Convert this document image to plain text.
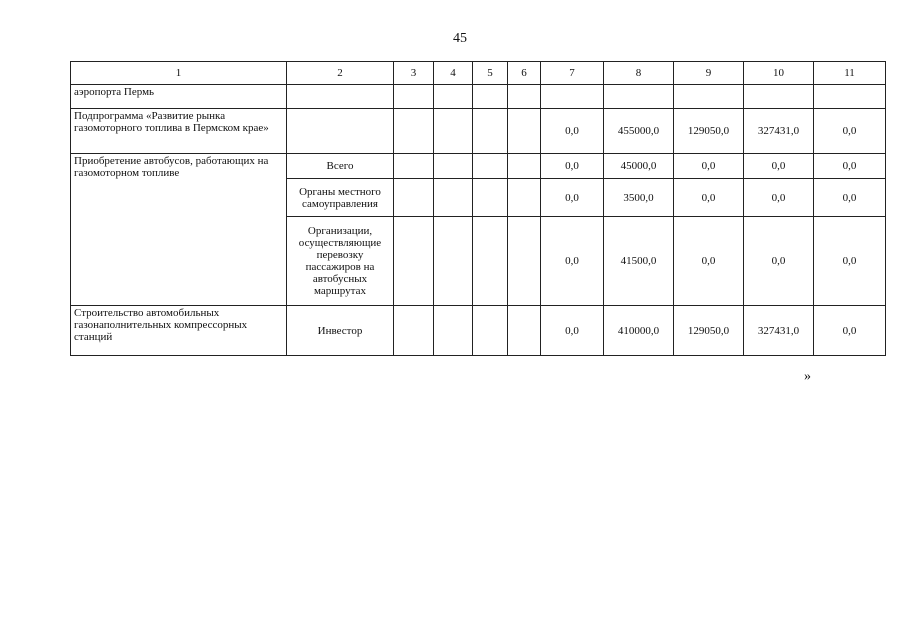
45
1	2	3	4	5	6	7	8	9	10	11
аэропорта Пермь										
Подпрограмма «Развитие рынка газомоторного топлива в Пермском крае»						0,0	455000,0	129050,0	327431,0	0,0
Приобретение автобусов, работающих на газомоторном топливе	Всего					0,0	45000,0	0,0	0,0	0,0
	Органы местного самоуправления					0,0	3500,0	0,0	0,0	0,0
	Организации, осуществляющие перевозку пассажиров на автобусных маршрутах					0,0	41500,0	0,0	0,0	0,0
Строительство автомобильных газонаполнительных компрессорных станций	Инвестор					0,0	410000,0	129050,0	327431,0	0,0
»
